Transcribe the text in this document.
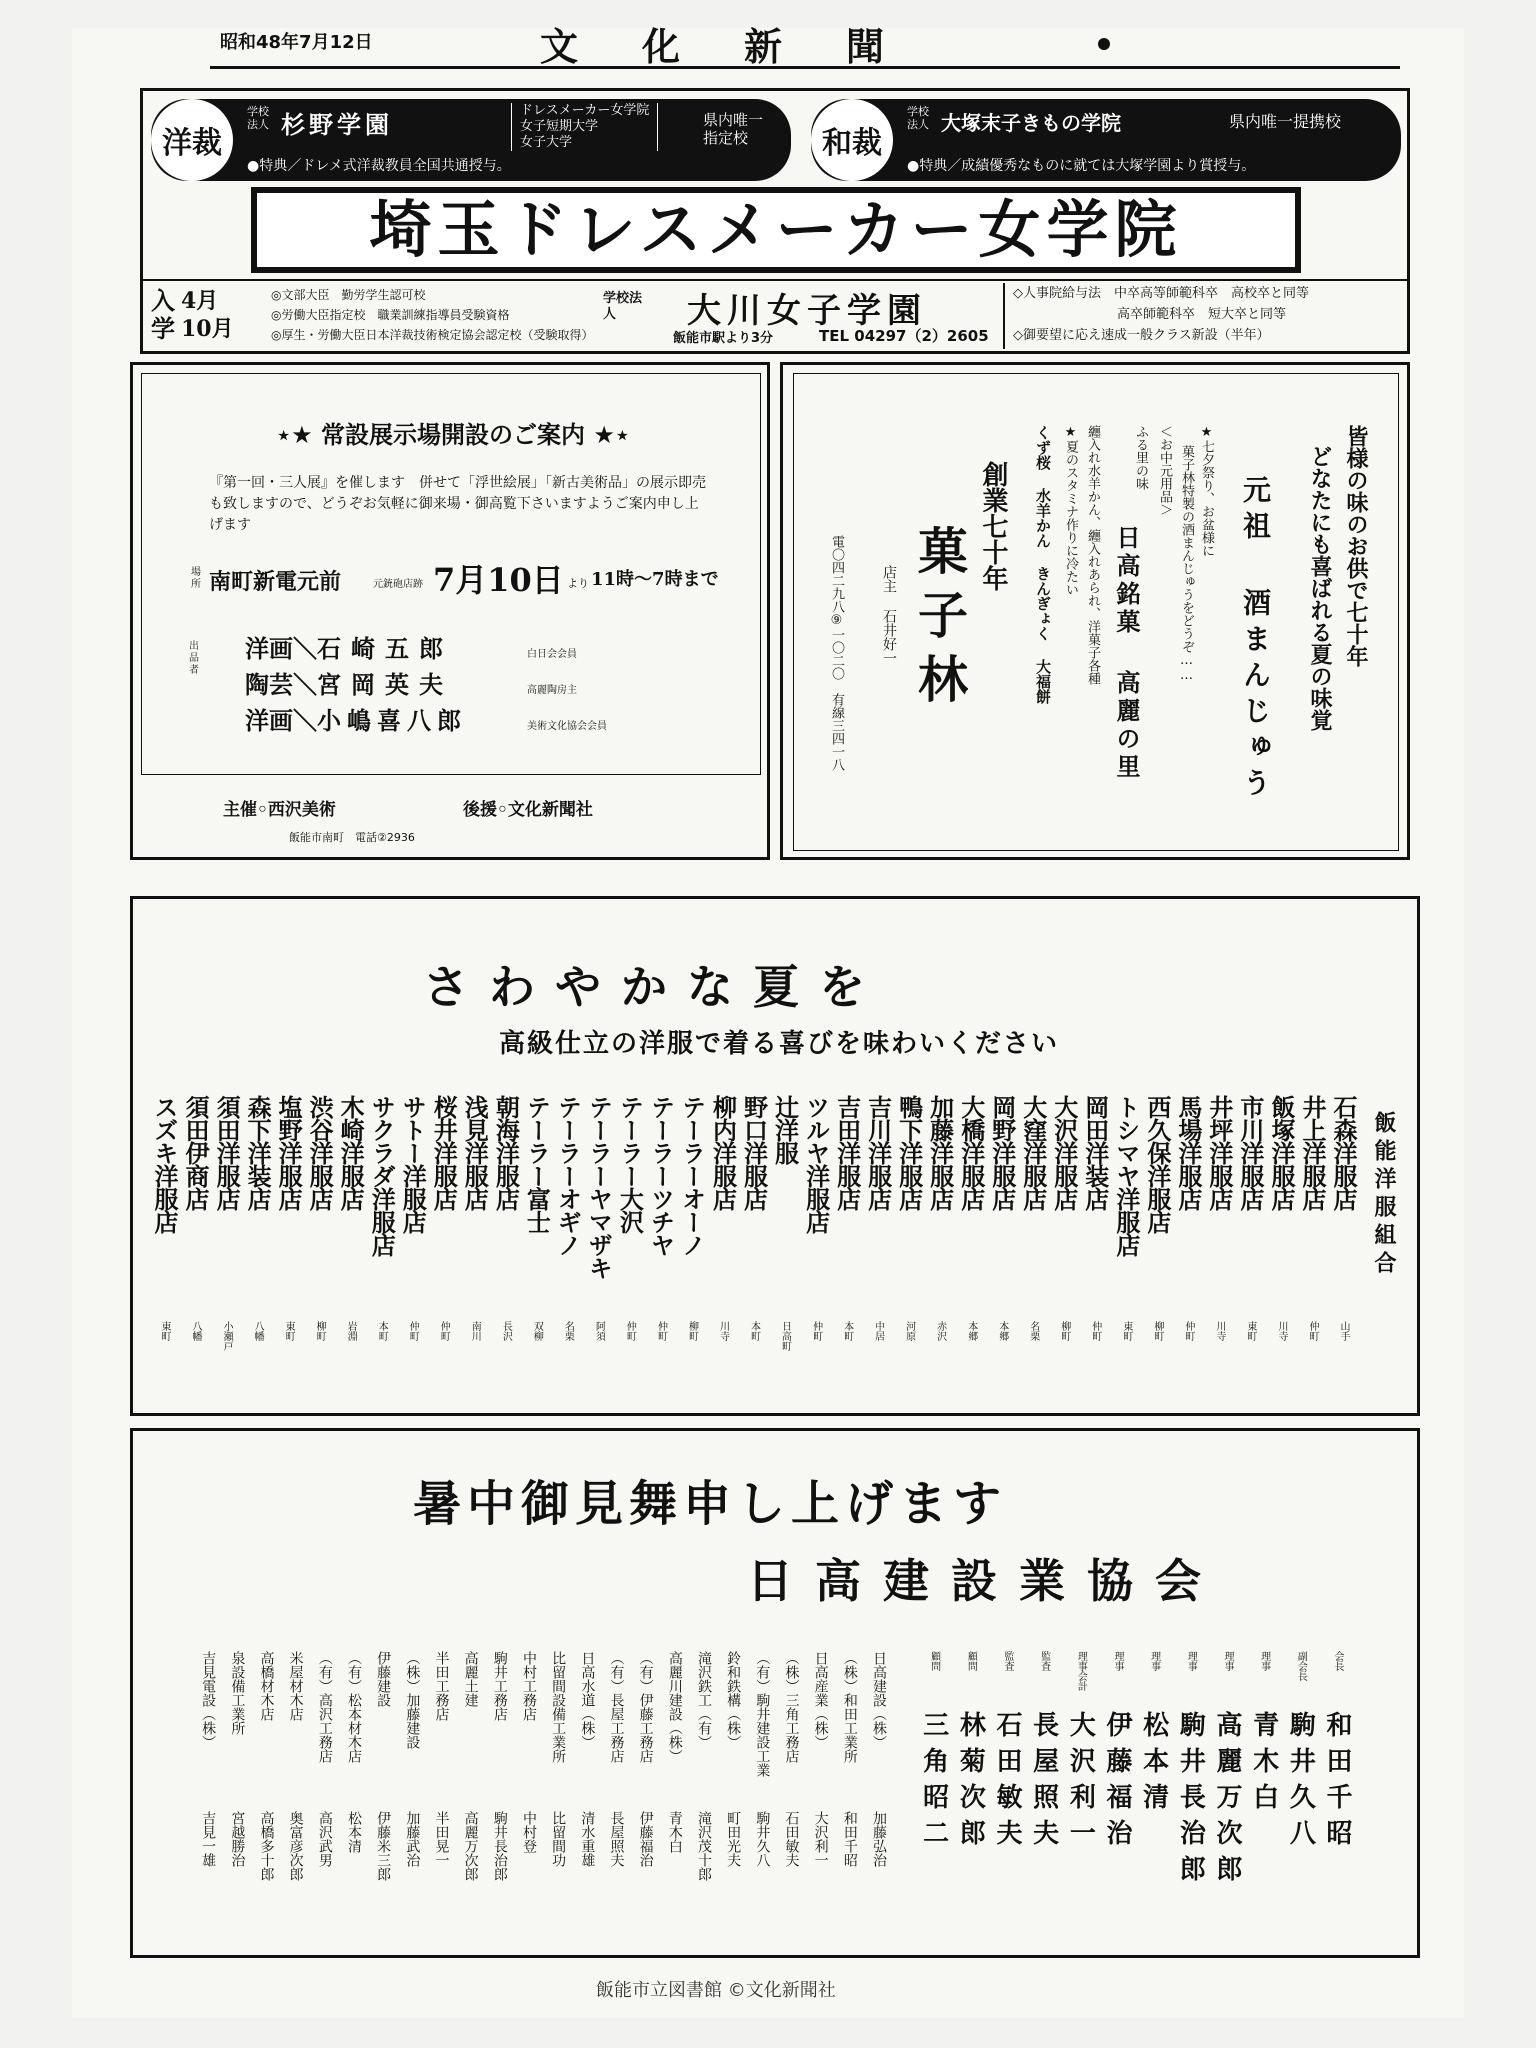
昭和48年7月12日	文化新聞
洋裁
学校法人 杉野学園	ドレスメーカー女学院
女子短期大学
女子大学
県内唯一
指定校
●特典／ドレメ式洋裁教員全国共通授与。
和裁
学校法人 大塚末子きもの学院	県内唯一提携校
●特典／成績優秀なものに就ては大塚学園より賞授与。
埼玉ドレスメーカー女学院
入学
4月 10月
◎文部大臣　勤労学生認可校
◎労働大臣指定校　職業訓練指導員受験資格
◎厚生・労働大臣日本洋裁技術検定協会認定校（受験取得）
学校法人	大川女子学園
飯能市駅より3分	TEL 04297（2）2605
◇人事院給与法　中卒高等師範科卒　高校卒と同等
高卒師範科卒　短大卒と同等
◇御要望に応え速成一般クラス新設（半年）
⋆★ 常設展示場開設のご案内 ★⋆
『第一回・三人展』を催します　併せて「浮世絵展」「新古美術品」の展示即売も致しますので、どうぞお気軽に御来場・御高覧下さいますようご案内申し上げます
場所 南町新電元前	元銃砲店跡 7月10日 より 11時〜7時まで
出品者
洋画 ＼ 石崎五郎	白日会会員
陶芸 ＼ 宮岡英夫	高麗陶房主
洋画 ＼ 小嶋喜八郎	美術文化協会会員
主催◦西沢美術	後援◦文化新聞社
飯能市南町　電話②2936
皆様の味のお供で七十年
どなたにも喜ばれる夏の味覚
元祖 酒まんじゅう
★七夕祭り、お盆様に
菓子林特製の酒まんじゅうをどうぞ……
＜お中元用品＞
ふる里の味
日高銘菓 高麗の里
纏入れ水羊かん、纏入れあられ、洋菓子各種
★夏のスタミナ作りに冷たい
くず桜 水羊かん きんぎょく 大福餅
創業七十年
菓子林
店主 石井好一
電〇四二九八⑨一〇二〇　有線三四一八
さわやかな夏を
高級仕立の洋服で着る喜びを味わいください
飯能洋服組合
石森洋服店
山手
井上洋服店
仲町
飯塚洋服店
川寺
市川洋服店
東町
井坪洋服店
川寺
馬場洋服店
仲町
西久保洋服店
柳町
トシマヤ洋服店
東町
岡田洋装店
仲町
大沢洋服店
柳町
大窪洋服店
名栗
岡野洋服店
本郷
大橋洋服店
本郷
加藤洋服店
赤沢
鴨下洋服店
河原
吉川洋服店
中居
吉田洋服店
本町
ツルヤ洋服店
仲町
辻洋服
日高町
野口洋服店
本町
柳内洋服店
川寺
テーラーオーノ
柳町
テーラーツチヤ
仲町
テーラー大沢
仲町
テーラーヤマザキ
阿須
テーラーオギノ
名栗
テーラー富士
双柳
朝海洋服店
長沢
浅見洋服店
南川
桜井洋服店
仲町
サトー洋服店
仲町
サクラダ洋服店
本町
木崎洋服店
岩淵
渋谷洋服店
柳町
塩野洋服店
東町
森下洋装店
八幡
須田洋服店
小瀬戸
須田伊商店
八幡
スズキ洋服店
東町
暑中御見舞申し上げます
日高建設業協会
会長
和田千昭
副会長
駒井久八
理事
青木白
理事
高麗万次郎
理事
駒井長治郎
理事
松本清
理事
伊藤福治
理事会計
大沢利一
監査
長屋照夫
監査
石田敏夫
顧問
林菊次郎
顧問
三角昭二
日高建設（株）
加藤弘治
（株）和田工業所
和田千昭
日高産業（株）
大沢利一
（株）三角工務店
石田敏夫
（有）駒井建設工業
駒井久八
鈴和鉄構（株）
町田光夫
滝沢鉄工（有）
滝沢茂十郎
高麗川建設（株）
青木白
（有）伊藤工務店
伊藤福治
（有）長屋工務店
長屋照夫
日高水道（株）
清水重雄
比留間設備工業所
比留間功
中村工務店
中村登
駒井工務店
駒井長治郎
高麗土建
高麗万次郎
半田工務店
半田晃一
（株）加藤建設
加藤武治
伊藤建設
伊藤米三郎
（有）松本材木店
松本清
（有）高沢工務店
高沢武男
米屋材木店
奥富彦次郎
高橋材木店
高橋多十郎
泉設備工業所
宮越勝治
吉見電設（株）
吉見一雄
飯能市立図書館 ©文化新聞社
